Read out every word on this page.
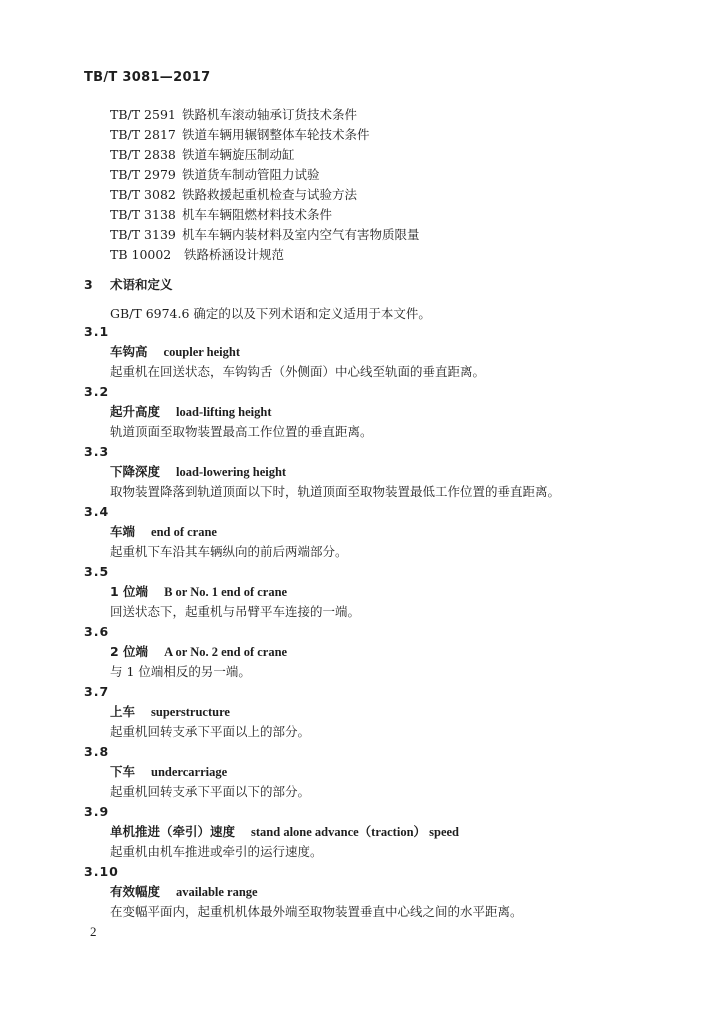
TB/T 3081—2017
TB/T 2591 铁路机车滚动轴承订货技术条件
TB/T 2817 铁道车辆用辗钢整体车轮技术条件
TB/T 2838 铁道车辆旋压制动缸
TB/T 2979 铁道货车制动管阻力试验
TB/T 3082 铁路救援起重机检查与试验方法
TB/T 3138 机车车辆阻燃材料技术条件
TB/T 3139 机车车辆内装材料及室内空气有害物质限量
TB 10002	铁路桥涵设计规范
3 术语和定义
GB/T 6974.6 确定的以及下列术语和定义适用于本文件。
3.1
车钩高 coupler height
起重机在回送状态，车钩钩舌（外侧面）中心线至轨面的垂直距离。
3.2
起升高度 load-lifting height
轨道顶面至取物装置最高工作位置的垂直距离。
3.3
下降深度 load-lowering height
取物装置降落到轨道顶面以下时，轨道顶面至取物装置最低工作位置的垂直距离。
3.4
车端 end of crane
起重机下车沿其车辆纵向的前后两端部分。
3.5
1 位端 B or No. 1 end of crane
回送状态下，起重机与吊臂平车连接的一端。
3.6
2 位端 A or No. 2 end of crane
与 1 位端相反的另一端。
3.7
上车 superstructure
起重机回转支承下平面以上的部分。
3.8
下车 undercarriage
起重机回转支承下平面以下的部分。
3.9
单机推进（牵引）速度 stand alone advance（traction） speed
起重机由机车推进或牵引的运行速度。
3.10
有效幅度 available range
在变幅平面内，起重机机体最外端至取物装置垂直中心线之间的水平距离。
2
